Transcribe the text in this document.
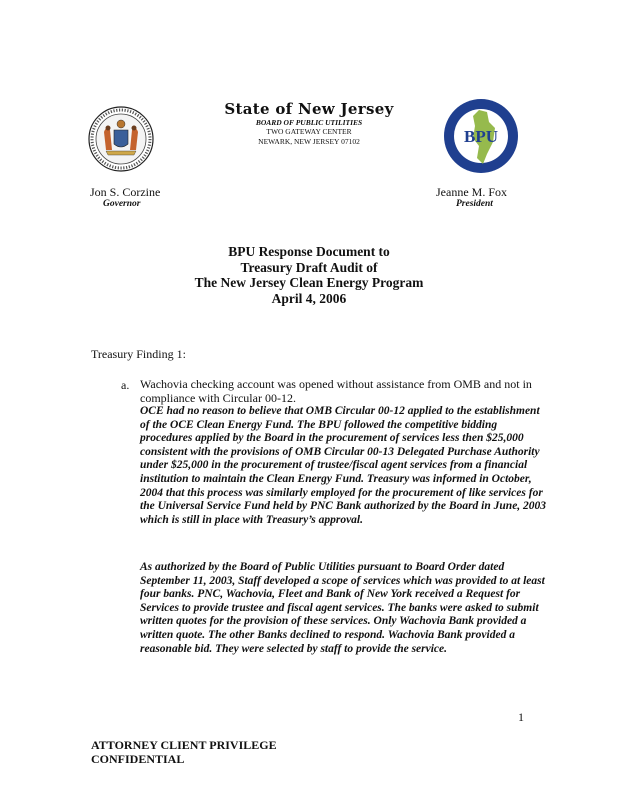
BPU
State of New Jersey
BOARD OF PUBLIC UTILITIES
TWO GATEWAY CENTER
NEWARK, NEW JERSEY 07102
Jon S. Corzine
Governor
Jeanne M. Fox
President
BPU Response Document to
Treasury Draft Audit of
The New Jersey Clean Energy Program
April 4, 2006
Treasury Finding 1:
a. Wachovia checking account was opened without assistance from OMB and not in compliance with Circular 00-12.
OCE had no reason to believe that OMB Circular 00-12 applied to the establishment of the OCE Clean Energy Fund. The BPU followed the competitive bidding procedures applied by the Board in the procurement of services less then $25,000 consistent with the provisions of OMB Circular 00-13 Delegated Purchase Authority under $25,000 in the procurement of trustee/fiscal agent services from a financial institution to maintain the Clean Energy Fund. Treasury was informed in October, 2004 that this process was similarly employed for the procurement of like services for the Universal Service Fund held by PNC Bank authorized by the Board in June, 2003 which is still in place with Treasury’s approval.
As authorized by the Board of Public Utilities pursuant to Board Order dated September 11, 2003, Staff developed a scope of services which was provided to at least four banks. PNC, Wachovia, Fleet and Bank of New York received a Request for Services to provide trustee and fiscal agent services. The banks were asked to submit written quotes for the provision of these services. Only Wachovia Bank provided a written quote. The other Banks declined to respond. Wachovia Bank provided a reasonable bid. They were selected by staff to provide the service.
1
ATTORNEY CLIENT PRIVILEGE
CONFIDENTIAL
